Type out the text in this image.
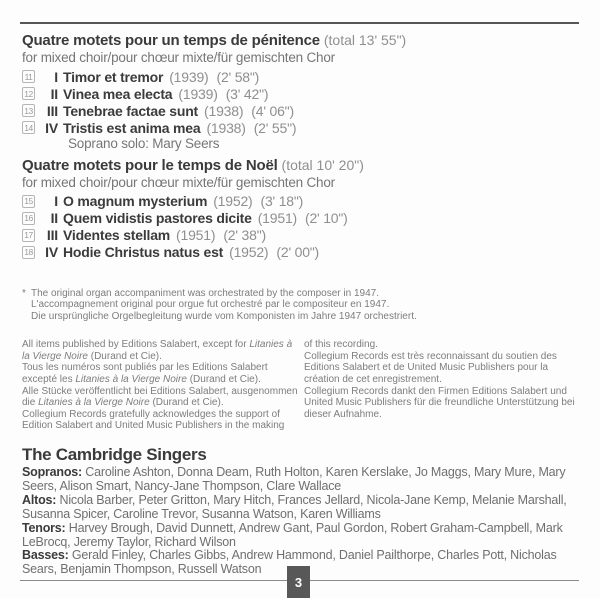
Quatre motets pour un temps de pénitence (total 13' 55")
for mixed choir/pour chœur mixte/für gemischten Chor
11	I Timor et tremor (1939) (2' 58")
12	II Vinea mea electa (1939) (3' 42")
13	III Tenebrae factae sunt (1938) (4' 06")
14 IV Tristis est anima mea (1938) (2' 55")
Soprano solo: Mary Seers
Quatre motets pour le temps de Noël (total 10' 20")
for mixed choir/pour chœur mixte/für gemischten Chor
15	I O magnum mysterium (1952) (3' 18")
16	II Quem vidistis pastores dicite (1951) (2' 10")
17	III Videntes stellam (1951) (2' 38")
18 IV Hodie Christus natus est (1952) (2' 00")
* The original organ accompaniment was orchestrated by the composer in 1947.
L'accompagnement original pour orgue fut orchestré par le compositeur en 1947.
Die ursprüngliche Orgelbegleitung wurde vom Komponisten im Jahre 1947 orchestriert.
All items published by Editions Salabert, except for Litanies à la Vierge Noire (Durand et Cie).
Tous les numéros sont publiés par les Editions Salabert excepté les Litanies à la Vierge Noire (Durand et Cie).
Alle Stücke veröffentlicht bei Editions Salabert, ausgenommen die Litanies à la Vierge Noire (Durand et Cie).
Collegium Records gratefully acknowledges the support of Edition Salabert and United Music Publishers in the making
of this recording.
Collegium Records est très reconnaissant du soutien des Editions Salabert et de United Music Publishers pour la création de cet enregistrement.
Collegium Records dankt den Firmen Editions Salabert und United Music Publishers für die freundliche Unterstützung bei dieser Aufnahme.
The Cambridge Singers
Sopranos: Caroline Ashton, Donna Deam, Ruth Holton, Karen Kerslake, Jo Maggs, Mary Mure, Mary Seers, Alison Smart, Nancy-Jane Thompson, Clare Wallace
Altos: Nicola Barber, Peter Gritton, Mary Hitch, Frances Jellard, Nicola-Jane Kemp, Melanie Marshall, Susanna Spicer, Caroline Trevor, Susanna Watson, Karen Williams
Tenors: Harvey Brough, David Dunnett, Andrew Gant, Paul Gordon, Robert Graham-Campbell, Mark LeBrocq, Jeremy Taylor, Richard Wilson
Basses: Gerald Finley, Charles Gibbs, Andrew Hammond, Daniel Pailthorpe, Charles Pott, Nicholas Sears, Benjamin Thompson, Russell Watson
3
